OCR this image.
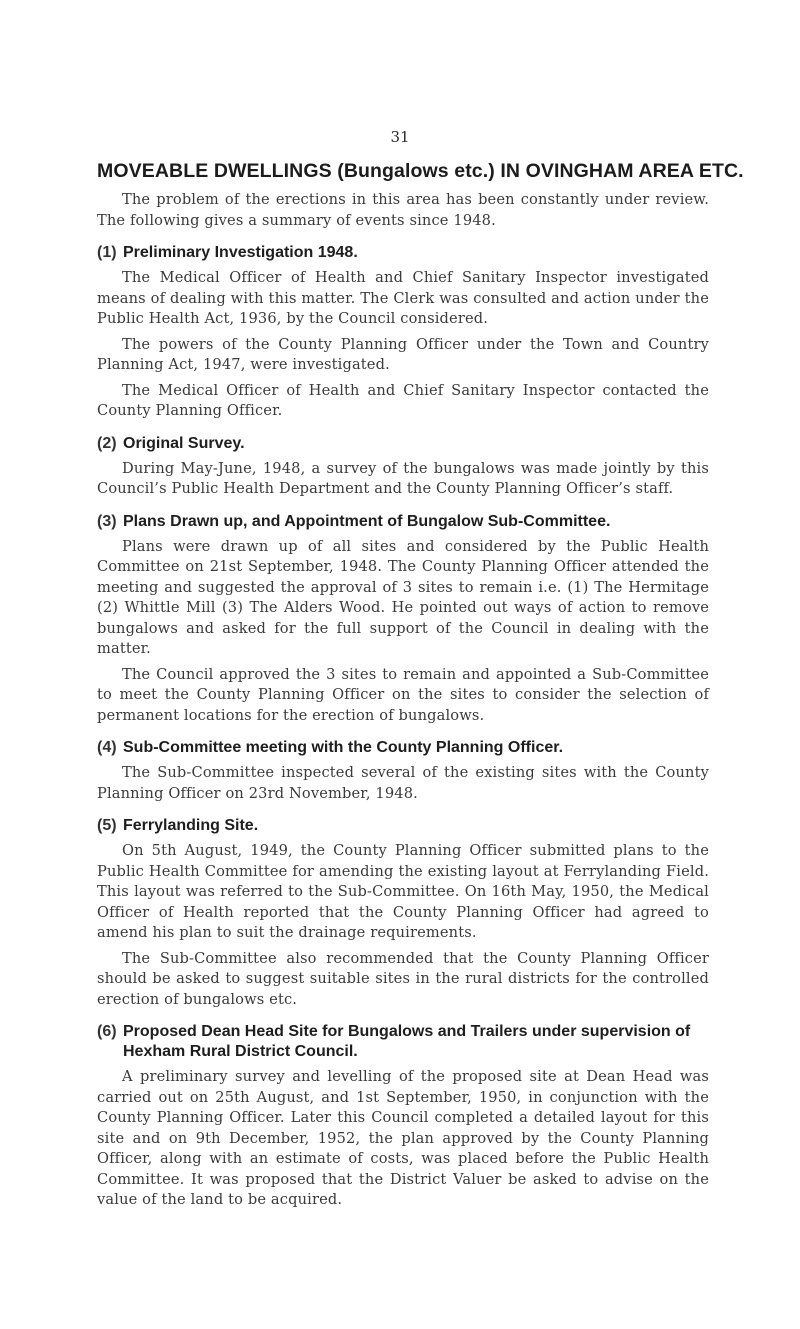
31
MOVEABLE DWELLINGS (Bungalows etc.) IN OVINGHAM AREA ETC.

The problem of the erections in this area has been constantly under review. The following gives a summary of events since 1948.

(1) Preliminary Investigation 1948.

The Medical Officer of Health and Chief Sanitary Inspector investigated means of dealing with this matter. The Clerk was consulted and action under the Public Health Act, 1936, by the Council considered.

The powers of the County Planning Officer under the Town and Country Planning Act, 1947, were investigated.

The Medical Officer of Health and Chief Sanitary Inspector contacted the County Planning Officer.

(2) Original Survey.

During May-June, 1948, a survey of the bungalows was made jointly by this Council’s Public Health Department and the County Planning Officer’s staff.

(3) Plans Drawn up, and Appointment of Bungalow Sub-Committee.

Plans were drawn up of all sites and considered by the Public Health Committee on 21st September, 1948. The County Planning Officer attended the meeting and suggested the approval of 3 sites to remain i.e. (1) The Hermitage (2) Whittle Mill (3) The Alders Wood. He pointed out ways of action to remove bungalows and asked for the full support of the Council in dealing with the matter.

The Council approved the 3 sites to remain and appointed a Sub-Committee to meet the County Planning Officer on the sites to consider the selection of permanent locations for the erection of bungalows.

(4) Sub-Committee meeting with the County Planning Officer.

The Sub-Committee inspected several of the existing sites with the County Planning Officer on 23rd November, 1948.

(5) Ferrylanding Site.

On 5th August, 1949, the County Planning Officer submitted plans to the Public Health Committee for amending the existing layout at Ferrylanding Field. This layout was referred to the Sub-Committee. On 16th May, 1950, the Medical Officer of Health reported that the County Planning Officer had agreed to amend his plan to suit the drainage requirements.

The Sub-Committee also recommended that the County Planning Officer should be asked to suggest suitable sites in the rural districts for the controlled erection of bungalows etc.

(6) Proposed Dean Head Site for Bungalows and Trailers under supervision of Hexham Rural District Council.

A preliminary survey and levelling of the proposed site at Dean Head was carried out on 25th August, and 1st September, 1950, in conjunction with the County Planning Officer. Later this Council completed a detailed layout for this site and on 9th December, 1952, the plan approved by the County Planning Officer, along with an estimate of costs, was placed before the Public Health Committee. It was proposed that the District Valuer be asked to advise on the value of the land to be acquired.
